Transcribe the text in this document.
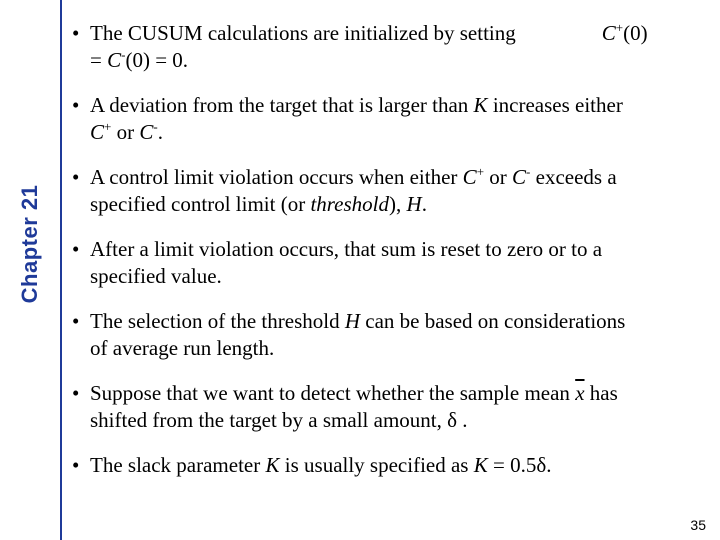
Chapter 21
• The CUSUM calculations are initialized by setting	C+(0)
= C-(0) = 0.
• A deviation from the target that is larger than K increases either
C+ or C-.
• A control limit violation occurs when either C+ or C- exceeds a
specified control limit (or threshold), H.
• After a limit violation occurs, that sum is reset to zero or to a
specified value.
• The selection of the threshold H can be based on considerations
of average run length.
• Suppose that we want to detect whether the sample mean $\overline{x}$ has
shifted from the target by a small amount, δ .
• The slack parameter K is usually specified as K = 0.5δ.
35
